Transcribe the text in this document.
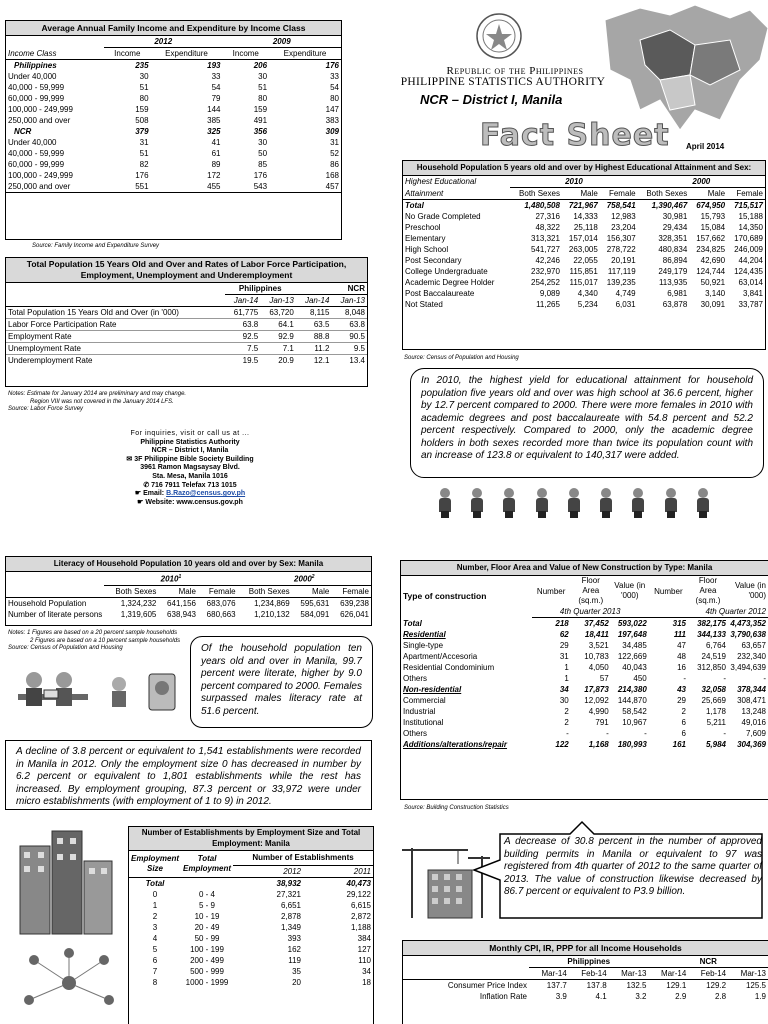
Average Annual Family Income and Expenditure by Income Class
	2012		2009	
Income Class	Income	Expenditure	Income	Expenditure
Philippines	235	193	206	176
Under 40,000	30	33	30	33
40,000 - 59,999	51	54	51	54
60,000 - 99,999	80	79	80	80
100,000 - 249,999	159	144	159	147
250,000 and over	508	385	491	383
NCR	379	325	356	309
Under 40,000	31	41	30	31
40,000 - 59,999	51	61	50	52
60,000 - 99,999	82	89	85	86
100,000 - 249,999	176	172	176	168
250,000 and over	551	455	543	457
Source: Family Income and Expenditure Survey
Total Population 15 Years Old and Over and Rates of Labor Force Participation, Employment, Unemployment and Underemployment
	Philippines		NCR	
	Jan-14	Jan-13	Jan-14	Jan-13
Total Population 15 Years Old and Over (in '000)	61,775	63,720	8,115	8,048
Labor Force Participation Rate	63.8	64.1	63.5	63.8
Employment Rate	92.5	92.9	88.8	90.5
Unemployment Rate	7.5	7.1	11.2	9.5
Underemployment Rate	19.5	20.9	12.1	13.4
Notes: Estimate for January 2014 are preliminary and may change.
Region VIII was not covered in the January 2014 LFS.
Source: Labor Force Survey
For inquiries, visit or call us at ...
Philippine Statistics Authority
NCR – District I, Manila
✉ 3F Philippine Bible Society Building
3961 Ramon Magsaysay Blvd.
Sta. Mesa, Manila 1016
✆ 716 7911 Telefax 713 1015
☛ Email: B.Razo@census.gov.ph
☛ Website: www.census.gov.ph
Republic of the Philippines
PHILIPPINE STATISTICS AUTHORITY
NCR – District I, Manila
Fact Sheet April 2014
Household Population 5 years old and over by Highest Educational Attainment and Sex:
Highest Educational	2010			2000		
Attainment	Both Sexes	Male	Female	Both Sexes	Male	Female
Total	1,480,508	721,967	758,541	1,390,467	674,950	715,517
No Grade Completed	27,316	14,333	12,983	30,981	15,793	15,188
Preschool	48,322	25,118	23,204	29,434	15,084	14,350
Elementary	313,321	157,014	156,307	328,351	157,662	170,689
High School	541,727	263,005	278,722	480,834	234,825	246,009
Post Secondary	42,246	22,055	20,191	86,894	42,690	44,204
College Undergraduate	232,970	115,851	117,119	249,179	124,744	124,435
Academic Degree Holder	254,252	115,017	139,235	113,935	50,921	63,014
Post Baccalaureate	9,089	4,340	4,749	6,981	3,140	3,841
Not Stated	11,265	5,234	6,031	63,878	30,091	33,787
Source: Census of Population and Housing
In 2010, the highest yield for educational attainment for household population five years old and over was high school at 36.6 percent, higher by 12.7 percent compared to 2000. There were more females in 2010 with academic degrees and post baccalaureate with 54.8 percent and 52.2 percent respectively. Compared to 2000, only the academic degree holders in both sexes recorded more than twice its population count with an increase of 123.8 or equivalent to 140,317 were added.

Literacy of Household Population 10 years old and over by Sex: Manila
	2010$^1$			2000$^2$
	Both Sexes	Male	Female	Both Sexes	Male	Female
Household Population	1,324,232	641,156	683,076	1,234,869	595,631	639,238
Number of literate persons	1,319,605	638,943	680,663	1,210,132	584,091	626,041
Notes: 1 Figures are based on a 20 percent sample households
2 Figures are based on a 10 percent sample households
Source: Census of Population and Housing	Of the household population ten years old and over in Manila, 99.7 percent were literate, higher by 9.0 percent compared to 2000. Females surpassed males literacy rate at 51.6 percent.
A decline of 3.8 percent or equivalent to 1,541 establishments were recorded in Manila in 2012. Only the employment size 0 has decreased in number by 6.2 percent or equivalent to 1,801 establishments while the rest has increased. By employment grouping, 87.3 percent or 33,972 were under micro establishments (with employment of 1 to 9) in 2012.
Number of Establishments by Employment Size and Total Employment: Manila
Employment Size	Total Employment	Number of Establishments	
		2012	2011
Total		38,932	40,473
0	0 - 4	27,321	29,122
1	5 - 9	6,651	6,615
2	10 - 19	2,878	2,872
3	20 - 49	1,349	1,188
4	50 - 99	393	384
5	100 - 199	162	127
6	200 - 499	119	110
7	500 - 999	35	34
8	1000 - 1999	20	18
Number, Floor Area and Value of New Construction by Type: Manila
Type of construction	Number	Floor Area (sq.m.)	Value (in '000)	Number	Floor Area (sq.m.)	Value (in '000)

	4th Quarter 2013			4th Quarter 2012		
Total	218	37,452	593,022	315	382,175	4,473,352
Residential	62	18,411	197,648	111	344,133	3,790,638
Single-type	29	3,521	34,485	47	6,764	63,657
Apartment/Accesoria	31	10,783	122,669	48	24,519	232,340
Residential Condominium	1	4,050	40,043	16	312,850	3,494,639
Others	1	57	450	-	-	-
Non-residential	34	17,873	214,380	43	32,058	378,344
Commercial	30	12,092	144,870	29	25,669	308,471
Industrial	2	4,990	58,542	2	1,178	13,248
Institutional	2	791	10,967	6	5,211	49,016
Others	-	-	-	6	-	7,609
Additions/alterations/repair	122	1,168	180,993	161	5,984	304,369
Source: Building Construction Statistics
A decrease of 30.8 percent in the number of approved building permits in Manila or equivalent to 97 was registered from 4th quarter of 2012 to the same quarter of 2013. The value of construction likewise decreased by 86.7 percent or equivalent to P3.9 billion.
Monthly CPI, IR, PPP for all Income Households
	Philippines			NCR		
	Mar-14	Feb-14	Mar-13	Mar-14	Feb-14	Mar-13
Consumer Price Index	137.7	137.8	132.5	129.1	129.2	125.5
Inflation Rate	3.9	4.1	3.2	2.9	2.8	1.9
